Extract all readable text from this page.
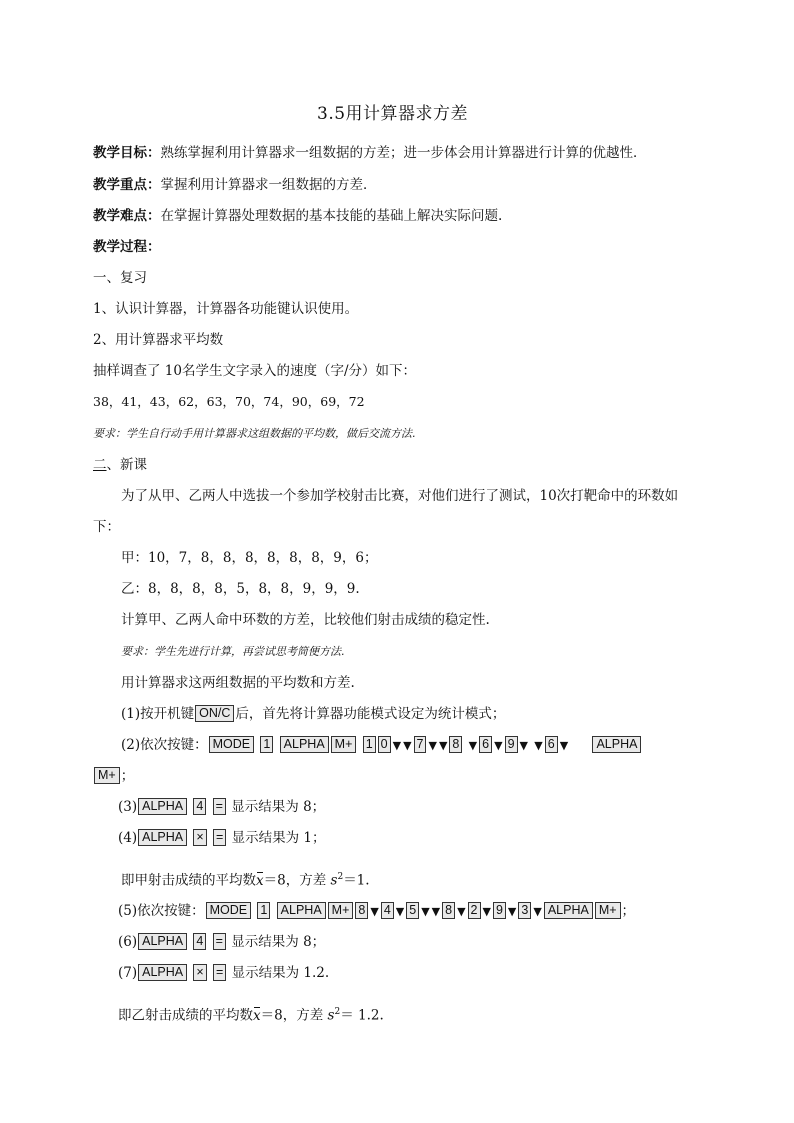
3.5用计算器求方差
教学目标：熟练掌握利用计算器求一组数据的方差；进一步体会用计算器进行计算的优越性．
教学重点：掌握利用计算器求一组数据的方差．
教学难点：在掌握计算器处理数据的基本技能的基础上解决实际问题.
教学过程：
一、复习
1、认识计算器，计算器各功能键认识使用。
2、用计算器求平均数
抽样调查了 10名学生文字录入的速度（字/分）如下：
38，41，43，62，63，70，74，90，69，72
要求：学生自行动手用计算器求这组数据的平均数，做后交流方法.
二、新课
为了从甲、乙两人中选拔一个参加学校射击比赛，对他们进行了测试，10次打靶命中的环数如
下：
甲：10，7，8，8，8，8，8，8，9，6；
乙：8，8，8，8，5，8，8，9，9，9.
计算甲、乙两人命中环数的方差，比较他们射击成绩的稳定性.
要求：学生先进行计算，再尝试思考简便方法.
用计算器求这两组数据的平均数和方差.
(1)按开机键 ON/C 后，首先将计算器功能模式设定为统计模式；
(2)依次按键： MODE 1 ALPHA M+ 1 0 ▼ ▼ 7 ▼ ▼ 8 ▼ 6 ▼ 9 ▼ ▼ 6 ▼ ALPHA
M+ ；
(3) ALPHA 4 = 显示结果为 8；
(4) ALPHA × = 显示结果为 1；
即甲射击成绩的平均数x＝8，方差 $s^2=1$.
(5)依次按键： MODE 1 ALPHA M+ 8 ▼ 4 ▼ 5 ▼ ▼ 8 ▼ 2 ▼ 9 ▼ 3 ▼ ALPHA M+ ；
(6) ALPHA 4 = 显示结果为 8；
(7) ALPHA × = 显示结果为 1.2.
即乙射击成绩的平均数x＝8，方差 $s^2= 1.2$.
